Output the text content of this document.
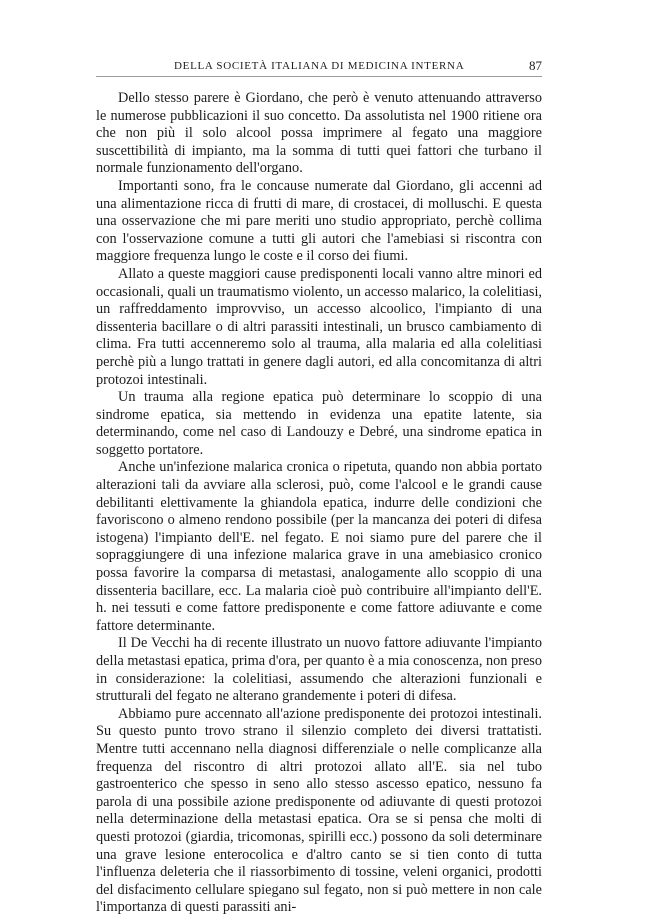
DELLA SOCIETÀ ITALIANA DI MEDICINA INTERNA	87

Dello stesso parere è Giordano, che però è venuto attenuando attraverso le numerose pubblicazioni il suo concetto. Da assolutista nel 1900 ritiene ora che non più il solo alcool possa imprimere al fegato una maggiore suscettibilità di impianto, ma la somma di tutti quei fattori che turbano il normale funzionamento dell'organo.

Importanti sono, fra le concause numerate dal Giordano, gli accenni ad una alimentazione ricca di frutti di mare, di crostacei, di molluschi. E questa una osservazione che mi pare meriti uno studio appropriato, perchè collima con l'osservazione comune a tutti gli autori che l'amebiasi si riscontra con maggiore frequenza lungo le coste e il corso dei fiumi.

Allato a queste maggiori cause predisponenti locali vanno altre minori ed occasionali, quali un traumatismo violento, un accesso malarico, la colelitiasi, un raffreddamento improvviso, un accesso alcoolico, l'impianto di una dissenteria bacillare o di altri parassiti intestinali, un brusco cambiamento di clima. Fra tutti accenneremo solo al trauma, alla malaria ed alla colelitiasi perchè più a lungo trattati in genere dagli autori, ed alla concomitanza di altri protozoi intestinali.

Un trauma alla regione epatica può determinare lo scoppio di una sindrome epatica, sia mettendo in evidenza una epatite latente, sia determinando, come nel caso di Landouzy e Debré, una sindrome epatica in soggetto portatore.

Anche un'infezione malarica cronica o ripetuta, quando non abbia portato alterazioni tali da avviare alla sclerosi, può, come l'alcool e le grandi cause debilitanti elettivamente la ghiandola epatica, indurre delle condizioni che favoriscono o almeno rendono possibile (per la mancanza dei poteri di difesa istogena) l'impianto dell'E. nel fegato. E noi siamo pure del parere che il sopraggiungere di una infezione malarica grave in una amebiasico cronico possa favorire la comparsa di metastasi, analogamente allo scoppio di una dissenteria bacillare, ecc. La malaria cioè può contribuire all'impianto dell'E. h. nei tessuti e come fattore predisponente e come fattore adiuvante e come fattore determinante.

Il De Vecchi ha di recente illustrato un nuovo fattore adiuvante l'impianto della metastasi epatica, prima d'ora, per quanto è a mia conoscenza, non preso in considerazione: la colelitiasi, assumendo che alterazioni funzionali e strutturali del fegato ne alterano grandemente i poteri di difesa.

Abbiamo pure accennato all'azione predisponente dei protozoi intestinali. Su questo punto trovo strano il silenzio completo dei diversi trattatisti. Mentre tutti accennano nella diagnosi differenziale o nelle complicanze alla frequenza del riscontro di altri protozoi allato all'E. sia nel tubo gastroenterico che spesso in seno allo stesso ascesso epatico, nessuno fa parola di una possibile azione predisponente od adiuvante di questi protozoi nella determinazione della metastasi epatica. Ora se si pensa che molti di questi protozoi (giardia, tricomonas, spirilli ecc.) possono da soli determinare una grave lesione enterocolica e d'altro canto se si tien conto di tutta l'influenza deleteria che il riassorbimento di tossine, veleni organici, prodotti del disfacimento cellulare spiegano sul fegato, non si può mettere in non cale l'importanza di questi parassiti ani-
